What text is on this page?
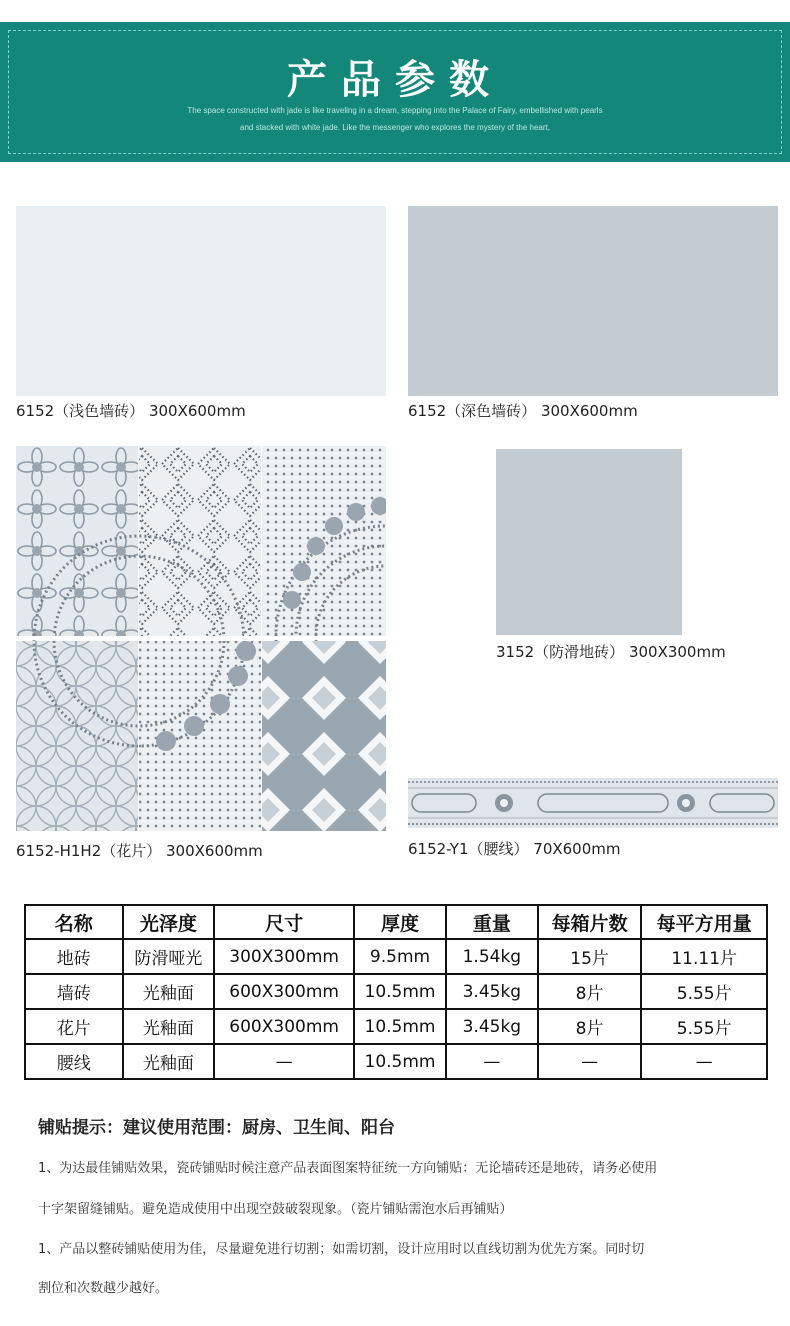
产品参数
The space constructed with jade is like traveling in a dream, stepping into the Palace of Fairy, embellished with pearls
and stacked with white jade. Like the messenger who explores the mystery of the heart,
6152（浅色墙砖） 300X600mm	6152（深色墙砖） 300X600mm
6152-H1H2（花片） 300X600mm
3152（防滑地砖） 300X300mm
6152-Y1（腰线） 70X600mm
名称	光泽度	尺寸	厚度	重量	每箱片数	每平方用量
地砖	防滑哑光	300X300mm	9.5mm	1.54kg	15片	11.11片
墙砖	光釉面	600X300mm	10.5mm	3.45kg	8片	5.55片
花片	光釉面	600X300mm	10.5mm	3.45kg	8片	5.55片
腰线	光釉面	—	10.5mm	—	—	—
铺贴提示：建议使用范围：厨房、卫生间、阳台
1、为达最佳铺贴效果，瓷砖铺贴时候注意产品表面图案特征统一方向铺贴：无论墙砖还是地砖，请务必使用
十字架留缝铺贴。避免造成使用中出现空鼓破裂现象。（瓷片铺贴需泡水后再铺贴）
1、产品以整砖铺贴使用为佳，尽量避免进行切割；如需切割，设计应用时以直线切割为优先方案。同时切
割位和次数越少越好。
